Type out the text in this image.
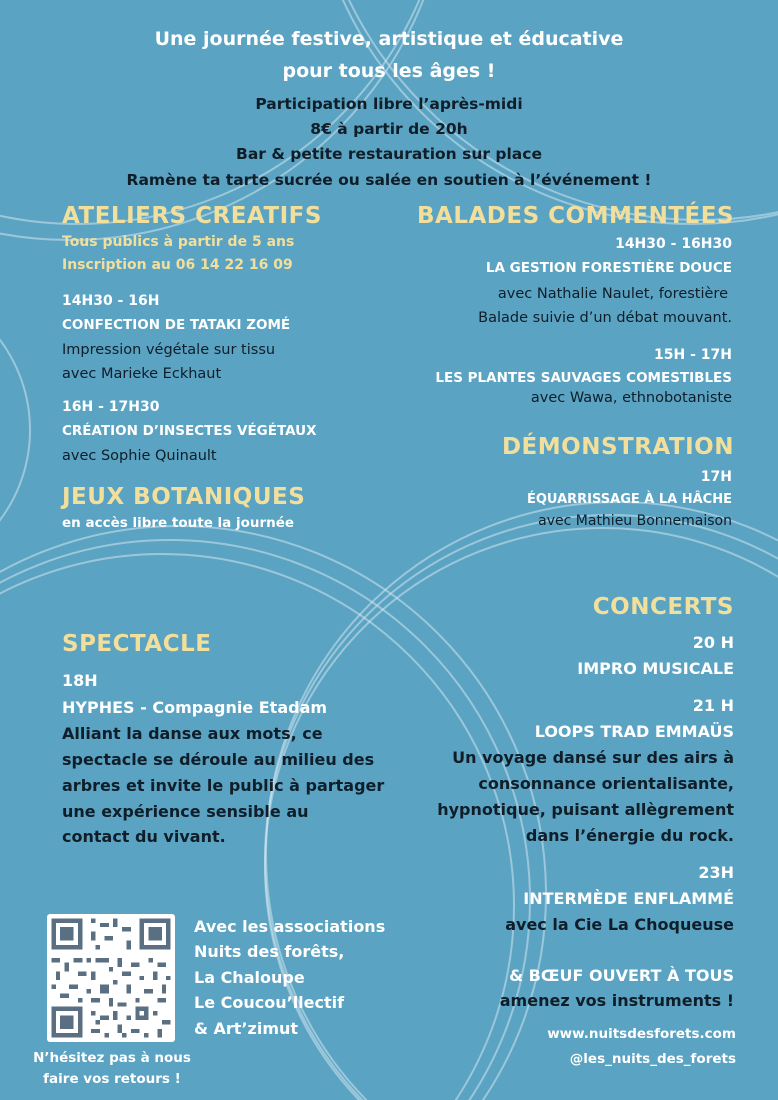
Une journée festive, artistique et éducative
pour tous les âges !
Participation libre l’après-midi
8€ à partir de 20h
Bar & petite restauration sur place
Ramène ta tarte sucrée ou salée en soutien à l’événement !
ATELIERS CREATIFS
Tous publics à partir de 5 ans
Inscription au 06 14 22 16 09
14H30 - 16H
CONFECTION DE TATAKI ZOMÉ
Impression végétale sur tissu
avec Marieke Eckhaut
16H - 17H30
CRÉATION D’INSECTES VÉGÉTAUX
avec Sophie Quinault
JEUX BOTANIQUES
en accès libre toute la journée
BALADES COMMENTÉES
14H30 - 16H30
LA GESTION FORESTIÈRE DOUCE
avec Nathalie Naulet, forestière
Balade suivie d’un débat mouvant.
15H - 17H
LES PLANTES SAUVAGES COMESTIBLES
avec Wawa, ethnobotaniste
DÉMONSTRATION
17H
ÉQUARRISSAGE À LA HÂCHE
avec Mathieu Bonnemaison
SPECTACLE
18H
HYPHES - Compagnie Etadam
Alliant la danse aux mots, ce
spectacle se déroule au milieu des
arbres et invite le public à partager
une expérience sensible au
contact du vivant.
CONCERTS
20 H
IMPRO MUSICALE
21 H
LOOPS TRAD EMMAÜS
Un voyage dansé sur des airs à
consonnance orientalisante,
hypnotique, puisant allègrement
dans l’énergie du rock.
23H
INTERMÈDE ENFLAMMÉ
avec la Cie La Choqueuse
& BŒUF OUVERT À TOUS
amenez vos instruments !
Avec les associations
Nuits des forêts,
La Chaloupe
Le Coucou’llectif
& Art’zimut
N’hésitez pas à nous
faire vos retours !
www.nuitsdesforets.com
@les_nuits_des_forets
